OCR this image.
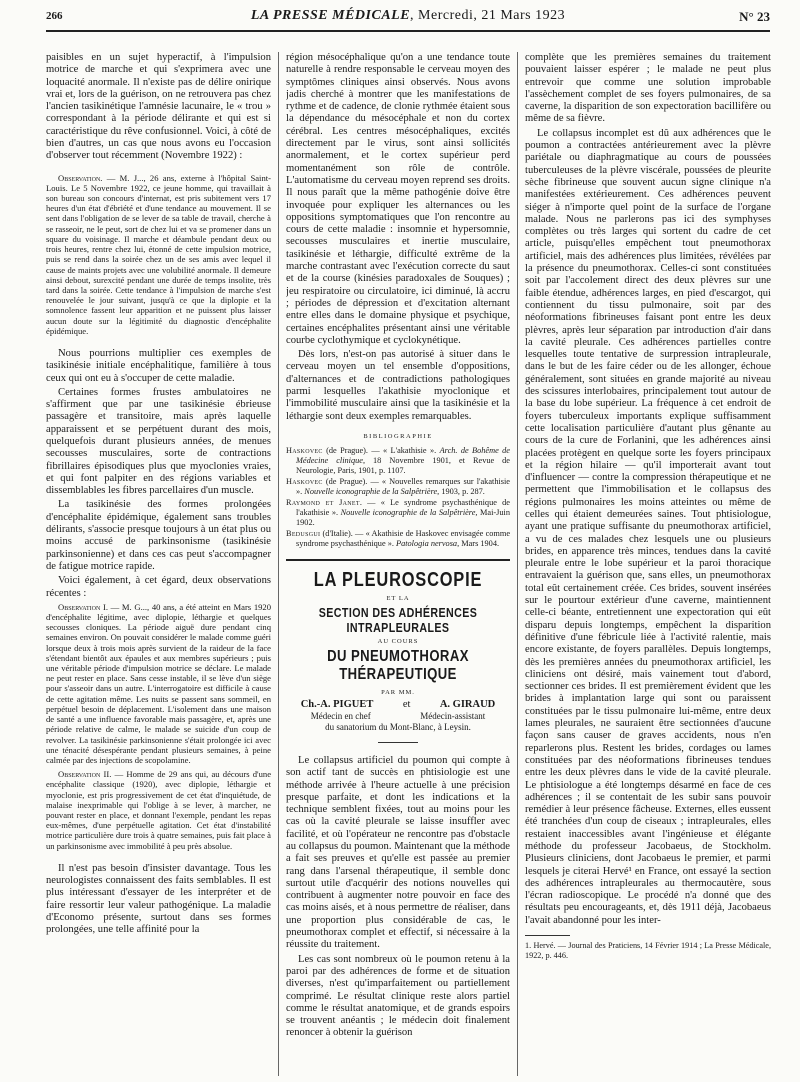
266	LA PRESSE MÉDICALE, Mercredi, 21 Mars 1923	N° 23

paisibles en un sujet hyperactif, à l'impulsion motrice de marche et qui s'exprimera avec une loquacité anormale. Il n'existe pas de délire onirique vrai et, lors de la guérison, on ne retrouvera pas chez l'ancien tasikinétique l'amnésie lacunaire, le « trou » correspondant à la période délirante et qui est si caractéristique du rêve confusionnel. Voici, à côté de bien d'autres, un cas que nous avons eu l'occasion d'observer tout récemment (Novembre 1922) :

Observation. — M. J..., 26 ans, externe à l'hôpital Saint-Louis. Le 5 Novembre 1922, ce jeune homme, qui travaillait à son bureau son concours d'internat, est pris subitement vers 17 heures d'un état d'ébriété et d'une tendance au mouvement. Il se sent dans l'obligation de se lever de sa table de travail, cherche à se rasseoir, ne le peut, sort de chez lui et va se promener dans un square du voisinage. Il marche et déambule pendant deux ou trois heures, rentre chez lui, étonné de cette impulsion motrice, puis se rend dans la soirée chez un de ses amis avec lequel il cause de maints projets avec une volubilité anormale. Il demeure ainsi debout, surexcité pendant une durée de temps insolite, très tard dans la soirée. Cette tendance à l'impulsion de marche s'est renouvelée le jour suivant, jusqu'à ce que la diplopie et la somnolence fassent leur apparition et ne puissent plus laisser aucun doute sur la légitimité du diagnostic d'encéphalite épidémique.

Nous pourrions multiplier ces exemples de tasikinésie initiale encéphalitique, familière à tous ceux qui ont eu à s'occuper de cette maladie.

Certaines formes frustes ambulatoires ne s'affirment que par une tasikinésie ébrieuse passagère et transitoire, mais après laquelle apparaissent et se perpétuent durant des mois, quelquefois durant plusieurs années, de menues secousses musculaires, sorte de contractions fibrillaires épisodiques plus que myoclonies vraies, et qui font palpiter en des régions variables et dissemblables les fibres parcellaires d'un muscle.

La tasikinésie des formes prolongées d'encéphalite épidémique, également sans troubles délirants, s'associe presque toujours à un état plus ou moins accusé de parkinsonisme (tasikinésie parkinsonienne) et dans ces cas peut s'accompagner de fatigue motrice rapide.

Voici également, à cet égard, deux observations récentes :

Observation I. — M. G..., 40 ans, a été atteint en Mars 1920 d'encéphalite légitime, avec diplopie, léthargie et quelques secousses cloniques. La période aiguë dure pendant cinq semaines environ. On pouvait considérer le malade comme guéri lorsque deux à trois mois après survient de la raideur de la face s'étendant bientôt aux épaules et aux membres supérieurs ; puis une véritable période d'impulsion motrice se déclare. Le malade ne peut rester en place. Sans cesse instable, il se lève d'un siège pour s'asseoir dans un autre. L'interrogatoire est difficile à cause de cette agitation même. Les nuits se passent sans sommeil, en perpétuel besoin de déplacement. L'isolement dans une maison de santé a une influence favorable mais passagère, et, après une période relative de calme, le malade se suicide d'un coup de revolver. La tasikinésie parkinsonienne s'était prolongée ici avec une ténacité désespérante pendant plusieurs semaines, à peine calmée par des injections de scopolamine.

Observation II. — Homme de 29 ans qui, au décours d'une encéphalite classique (1920), avec diplopie, léthargie et myoclonie, est pris progressivement de cet état d'inquiétude, de malaise inexprimable qui l'oblige à se lever, à marcher, ne pouvant rester en place, et donnant l'exemple, pendant les repas eux-mêmes, d'une perpétuelle agitation. Cet état d'instabilité motrice particulière dure trois à quatre semaines, puis fait place à un parkinsonisme avec immobilité à peu près absolue.

Il n'est pas besoin d'insister davantage. Tous les neurologistes connaissent des faits semblables. Il est plus intéressant d'essayer de les interpréter et de faire ressortir leur valeur pathogénique. La maladie d'Economo présente, surtout dans ses formes prolongées, une telle affinité pour la

région mésocéphalique qu'on a une tendance toute naturelle à rendre responsable le cerveau moyen des symptômes cliniques ainsi observés. Nous avons jadis cherché à montrer que les manifestations de rythme et de cadence, de clonie rythmée étaient sous la dépendance du mésocéphale et non du cortex cérébral. Les centres mésocéphaliques, excités directement par le virus, sont ainsi sollicités anormalement, et le cortex supérieur perd momentanément son rôle de contrôle. L'automatisme du cerveau moyen reprend ses droits. Il nous paraît que la même pathogénie doive être invoquée pour expliquer les alternances ou les oppositions symptomatiques que l'on rencontre au cours de cette maladie : insomnie et hypersomnie, secousses musculaires et inertie musculaire, tasikinésie et léthargie, difficulté extrême de la marche contrastant avec l'exécution correcte du saut et de la course (kinésies paradoxales de Souques) ; jeu respiratoire ou circulatoire, ici diminué, là accru ; périodes de dépression et d'excitation alternant entre elles dans le domaine physique et psychique, certaines encéphalites présentant ainsi une véritable courbe cyclothymique et cyclokynétique.

Dès lors, n'est-on pas autorisé à situer dans le cerveau moyen un tel ensemble d'oppositions, d'alternances et de contradictions pathologiques parmi lesquelles l'akathisie myoclonique et l'immobilité musculaire ainsi que la tasikinésie et la léthargie sont deux exemples remarquables.

BIBLIOGRAPHIE

Haskovec (de Prague). — « L'akathisie ». Arch. de Bohême de Médecine clinique, 18 Novembre 1901, et Revue de Neurologie, Paris, 1901, p. 1107.

Haskovec (de Prague). — « Nouvelles remarques sur l'akathisie ». Nouvelle iconographie de la Salpêtrière, 1903, p. 287.

Raymond et Janet. — « Le syndrome psychasthénique de l'akathisie ». Nouvelle iconographie de la Salpêtrière, Mai-Juin 1902.

Bedusgui (d'Italie). — « Akathisie de Haskovec envisagée comme syndrome psychasthénique ». Patologia nervosa, Mars 1904.

LA PLEUROSCOPIE
ET LA
SECTION DES ADHÉRENCES INTRAPLEURALES
AU COURS
DU PNEUMOTHORAX THÉRAPEUTIQUE
PAR MM.
Ch.-A. PIGUET	et	A. GIRAUD
Médecin en chef	Médecin-assistant
du sanatorium du Mont-Blanc, à Leysin.

Le collapsus artificiel du poumon qui compte à son actif tant de succès en phtisiologie est une méthode arrivée à l'heure actuelle à une précision presque parfaite, et dont les indications et la technique semblent fixées, tout au moins pour les cas où la cavité pleurale se laisse insuffler avec facilité, et où l'opérateur ne rencontre pas d'obstacle au collapsus du poumon. Maintenant que la méthode a fait ses preuves et qu'elle est passée au premier rang dans l'arsenal thérapeutique, il semble donc surtout utile d'acquérir des notions nouvelles qui contribuent à augmenter notre pouvoir en face des cas moins aisés, et à nous permettre de réaliser, dans une proportion plus considérable de cas, le pneumothorax complet et effectif, si nécessaire à la réussite du traitement.

Les cas sont nombreux où le poumon retenu à la paroi par des adhérences de forme et de situation diverses, n'est qu'imparfaitement ou partiellement comprimé. Le résultat clinique reste alors partiel comme le résultat anatomique, et de grands espoirs se trouvent anéantis ; le médecin doit finalement renoncer à obtenir la guérison

complète que les premières semaines du traitement pouvaient laisser espérer ; le malade ne peut plus entrevoir que comme une solution improbable l'assèchement complet de ses foyers pulmonaires, de sa caverne, la disparition de son expectoration bacillifère ou même de sa fièvre.

Le collapsus incomplet est dû aux adhérences que le poumon a contractées antérieurement avec la plèvre pariétale ou diaphragmatique au cours de poussées tuberculeuses de la plèvre viscérale, poussées de pleurite sèche fibrineuse que souvent aucun signe clinique n'a manifestées extérieurement. Ces adhérences peuvent siéger à n'importe quel point de la surface de l'organe malade. Nous ne parlerons pas ici des symphyses complètes ou très larges qui sortent du cadre de cet article, puisqu'elles empêchent tout pneumothorax artificiel, mais des adhérences plus limitées, révélées par la présence du pneumothorax. Celles-ci sont constituées soit par l'accolement direct des deux plèvres sur une faible étendue, adhérences larges, en pied d'escargot, qui contiennent du tissu pulmonaire, soit par des néoformations fibrineuses faisant pont entre les deux plèvres, après leur séparation par introduction d'air dans la cavité pleurale. Ces adhérences partielles contre lesquelles toute tentative de surpression intrapleurale, dans le but de les faire céder ou de les allonger, échoue généralement, sont situées en grande majorité au niveau des scissures interlobaires, principalement tout autour de la base du lobe supérieur. La fréquence à cet endroit de foyers tuberculeux importants explique suffisamment cette localisation particulière d'autant plus gênante au cours de la cure de Forlanini, que les adhérences ainsi placées protègent en quelque sorte les foyers principaux et la région hilaire — qu'il importerait avant tout d'influencer — contre la compression thérapeutique et ne permettent que l'immobilisation et le collapsus des régions pulmonaires les moins atteintes ou même de celles qui étaient demeurées saines. Tout phtisiologue, ayant une pratique suffisante du pneumothorax artificiel, a vu de ces malades chez lesquels une ou plusieurs brides, en apparence très minces, tendues dans la cavité pleurale entre le lobe supérieur et la paroi thoracique entravaient la guérison que, sans elles, un pneumothorax total eût certainement créée. Ces brides, souvent insérées sur le pourtour extérieur d'une caverne, maintiennent celle-ci béante, entretiennent une expectoration qui eût disparu depuis longtemps, empêchent la disparition définitive d'une fébricule liée à l'activité ralentie, mais encore existante, de foyers parallèles. Depuis longtemps, dès les premières années du pneumothorax artificiel, les cliniciens ont désiré, mais vainement tout d'abord, sectionner ces brides. Il est premièrement évident que les brides à implantation large qui sont ou paraissent constituées par le tissu pulmonaire lui-même, entre deux lames pleurales, ne sauraient être sectionnées d'aucune façon sans causer de graves accidents, nous n'en reparlerons plus. Restent les brides, cordages ou lames constituées par des néoformations fibrineuses tendues entre les deux plèvres dans le vide de la cavité pleurale. Le phtisiologue a été longtemps désarmé en face de ces adhérences ; il se contentait de les subir sans pouvoir remédier à leur présence fâcheuse. Externes, elles eussent été tranchées d'un coup de ciseaux ; intrapleurales, elles restaient inaccessibles avant l'ingénieuse et élégante méthode du professeur Jacobaeus, de Stockholm. Plusieurs cliniciens, dont Jacobaeus le premier, et parmi lesquels je citerai Hervé¹ en France, ont essayé la section des adhérences intrapleurales au thermocautère, sous l'écran radioscopique. Le procédé n'a donné que des résultats peu encourageants, et, dès 1911 déjà, Jacobaeus l'avait abandonné pour les inter-

1. Hervé. — Journal des Praticiens, 14 Février 1914 ; La Presse Médicale, 1922, p. 446.
